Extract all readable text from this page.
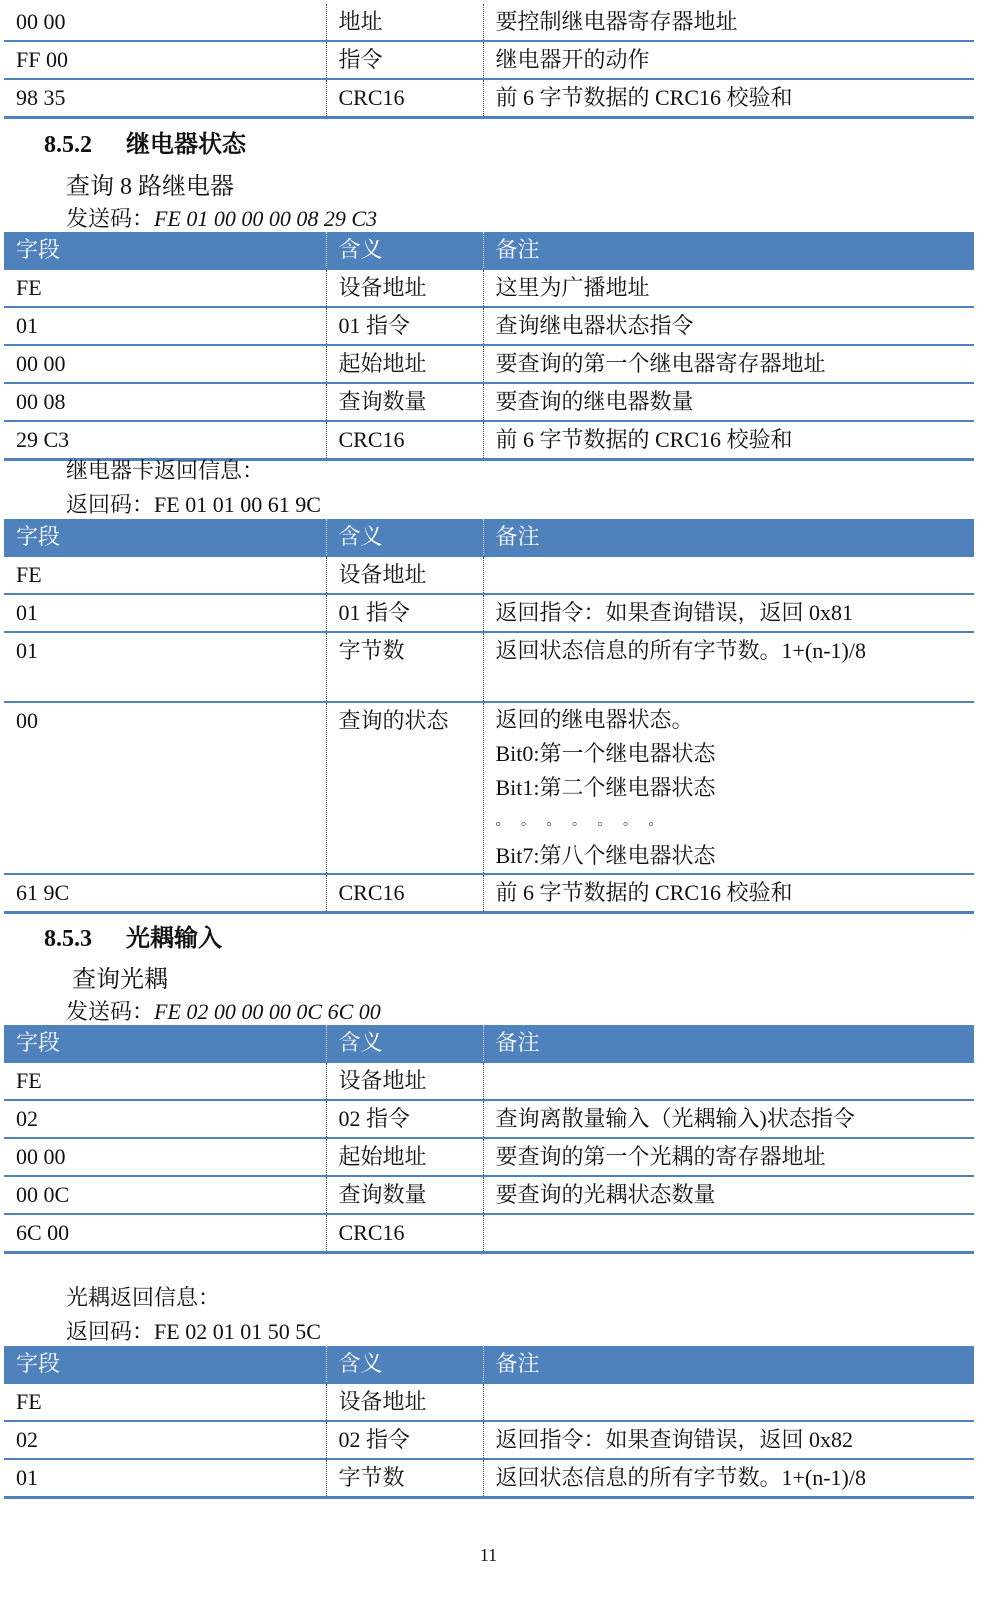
00 00	地址	要控制继电器寄存器地址
FF 00	指令	继电器开的动作
98 35	CRC16	前 6 字节数据的 CRC16 校验和
8.5.2 继电器状态
查询 8 路继电器
发送码：FE 01 00 00 00 08 29 C3
字段	含义	备注
FE	设备地址	这里为广播地址
01	01 指令	查询继电器状态指令
00 00	起始地址	要查询的第一个继电器寄存器地址
00 08	查询数量	要查询的继电器数量
29 C3	CRC16	前 6 字节数据的 CRC16 校验和
继电器卡返回信息：
返回码：FE 01 01 00 61 9C
字段	含义	备注
FE	设备地址	
01	01 指令	返回指令：如果查询错误，返回 0x81
01	字节数	返回状态信息的所有字节数。1+(n-1)/8
00	查询的状态	返回的继电器状态。
Bit0:第一个继电器状态
Bit1:第二个继电器状态
。 。 。 。 。 。 。
Bit7:第八个继电器状态

61 9C	CRC16	前 6 字节数据的 CRC16 校验和
8.5.3 光耦输入
查询光耦
发送码：FE 02 00 00 00 0C 6C 00
字段	含义	备注
FE	设备地址	
02	02 指令	查询离散量输入（光耦输入)状态指令
00 00	起始地址	要查询的第一个光耦的寄存器地址
00 0C	查询数量	要查询的光耦状态数量
6C 00	CRC16	
光耦返回信息：
返回码：FE 02 01 01 50 5C
字段	含义	备注
FE	设备地址	
02	02 指令	返回指令：如果查询错误，返回 0x82
01	字节数	返回状态信息的所有字节数。1+(n-1)/8
11
